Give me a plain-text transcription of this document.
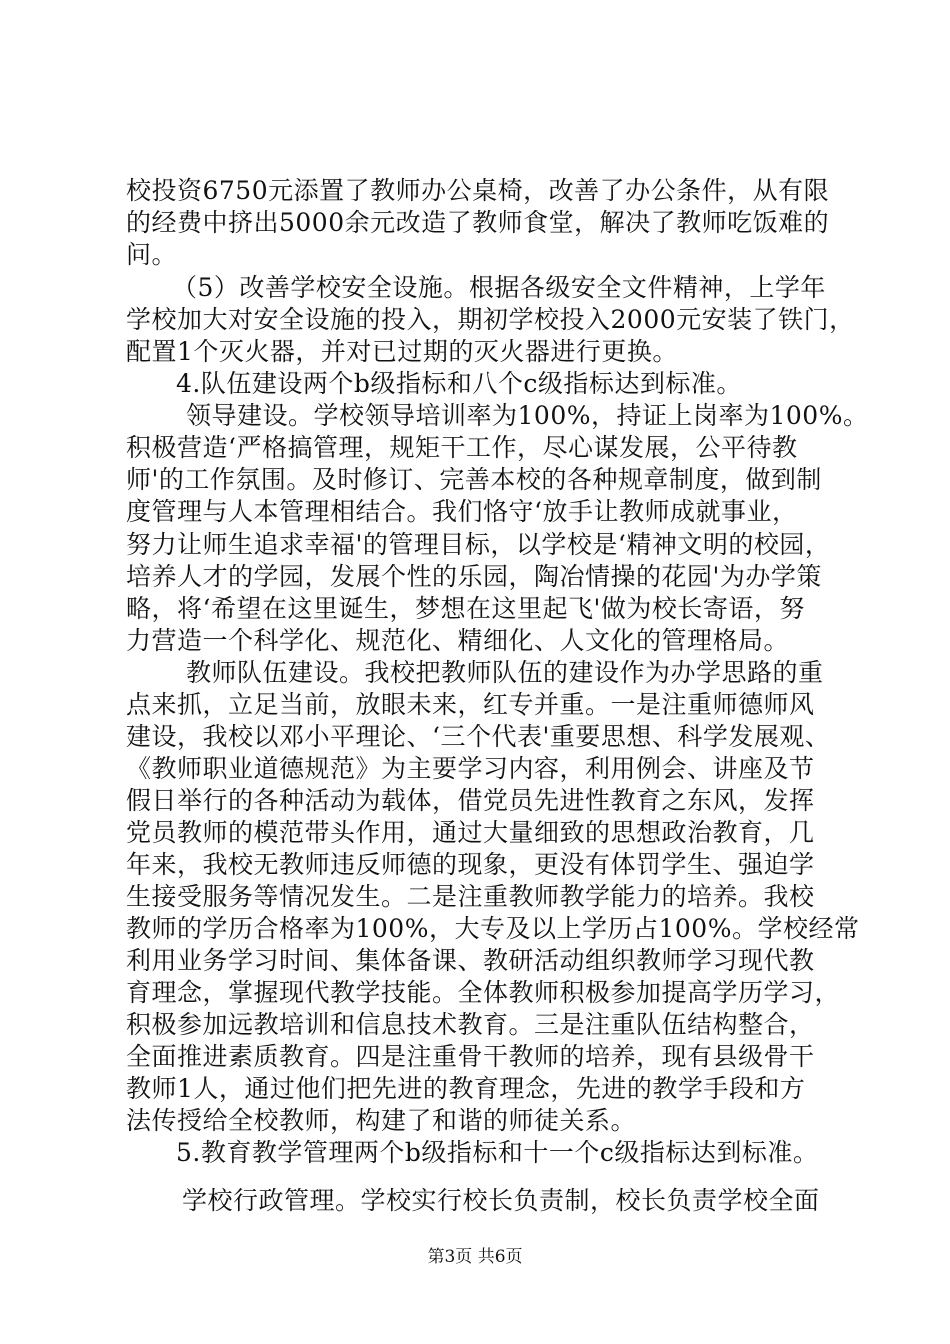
校投资6750元添置了教师办公桌椅，改善了办公条件，从有限
的经费中挤出5000余元改造了教师食堂，解决了教师吃饭难的
问。
（5）改善学校安全设施。根据各级安全文件精神，上学年
学校加大对安全设施的投入，期初学校投入2000元安装了铁门，
配置1个灭火器，并对已过期的灭火器进行更换。
4.队伍建设两个b级指标和八个c级指标达到标准。
领导建设。学校领导培训率为100%，持证上岗率为100%。
积极营造‘严格搞管理，规矩干工作，尽心谋发展，公平待教
师'的工作氛围。及时修订、完善本校的各种规章制度，做到制
度管理与人本管理相结合。我们恪守‘放手让教师成就事业，
努力让师生追求幸福'的管理目标，以学校是‘精神文明的校园，
培养人才的学园，发展个性的乐园，陶冶情操的花园'为办学策
略，将‘希望在这里诞生，梦想在这里起飞'做为校长寄语，努
力营造一个科学化、规范化、精细化、人文化的管理格局。
教师队伍建设。我校把教师队伍的建设作为办学思路的重
点来抓，立足当前，放眼未来，红专并重。一是注重师德师风
建设，我校以邓小平理论、‘三个代表'重要思想、科学发展观、
《教师职业道德规范》为主要学习内容，利用例会、讲座及节
假日举行的各种活动为载体，借党员先进性教育之东风，发挥
党员教师的模范带头作用，通过大量细致的思想政治教育，几
年来，我校无教师违反师德的现象，更没有体罚学生、强迫学
生接受服务等情况发生。二是注重教师教学能力的培养。我校
教师的学历合格率为100%，大专及以上学历占100%。学校经常
利用业务学习时间、集体备课、教研活动组织教师学习现代教
育理念，掌握现代教学技能。全体教师积极参加提高学历学习，
积极参加远教培训和信息技术教育。三是注重队伍结构整合，
全面推进素质教育。四是注重骨干教师的培养，现有县级骨干
教师1人，通过他们把先进的教育理念，先进的教学手段和方
法传授给全校教师，构建了和谐的师徒关系。
5.教育教学管理两个b级指标和十一个c级指标达到标准。
学校行政管理。学校实行校长负责制，校长负责学校全面
第3页 共6页
